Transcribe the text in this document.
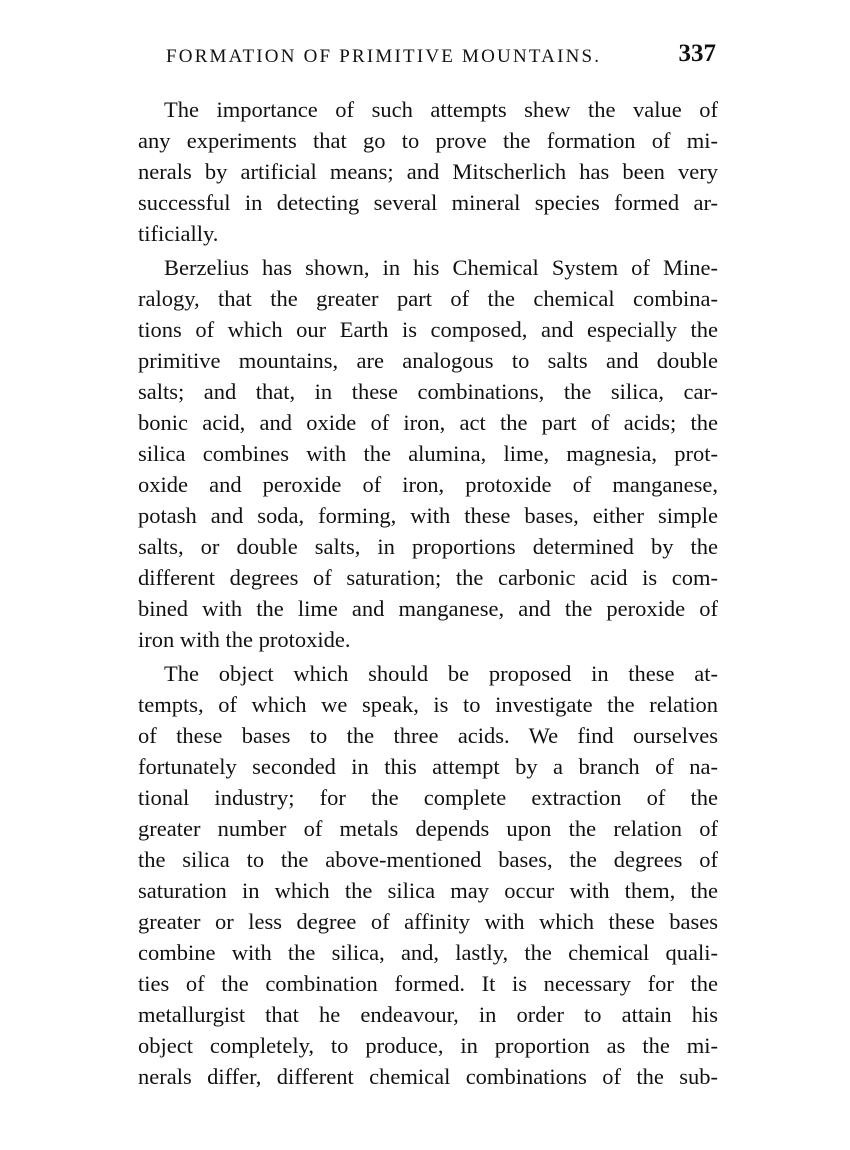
FORMATION OF PRIMITIVE MOUNTAINS.	337
The importance of such attempts shew the value of
any experiments that go to prove the formation of mi-
nerals by artificial means; and Mitscherlich has been very
successful in detecting several mineral species formed ar-
tificially.
Berzelius has shown, in his Chemical System of Mine-
ralogy, that the greater part of the chemical combina-
tions of which our Earth is composed, and especially the
primitive mountains, are analogous to salts and double
salts; and that, in these combinations, the silica, car-
bonic acid, and oxide of iron, act the part of acids; the
silica combines with the alumina, lime, magnesia, prot-
oxide and peroxide of iron, protoxide of manganese,
potash and soda, forming, with these bases, either simple
salts, or double salts, in proportions determined by the
different degrees of saturation; the carbonic acid is com-
bined with the lime and manganese, and the peroxide of
iron with the protoxide.
The object which should be proposed in these at-
tempts, of which we speak, is to investigate the relation
of these bases to the three acids. We find ourselves
fortunately seconded in this attempt by a branch of na-
tional industry; for the complete extraction of the
greater number of metals depends upon the relation of
the silica to the above-mentioned bases, the degrees of
saturation in which the silica may occur with them, the
greater or less degree of affinity with which these bases
combine with the silica, and, lastly, the chemical quali-
ties of the combination formed. It is necessary for the
metallurgist that he endeavour, in order to attain his
object completely, to produce, in proportion as the mi-
nerals differ, different chemical combinations of the sub-
